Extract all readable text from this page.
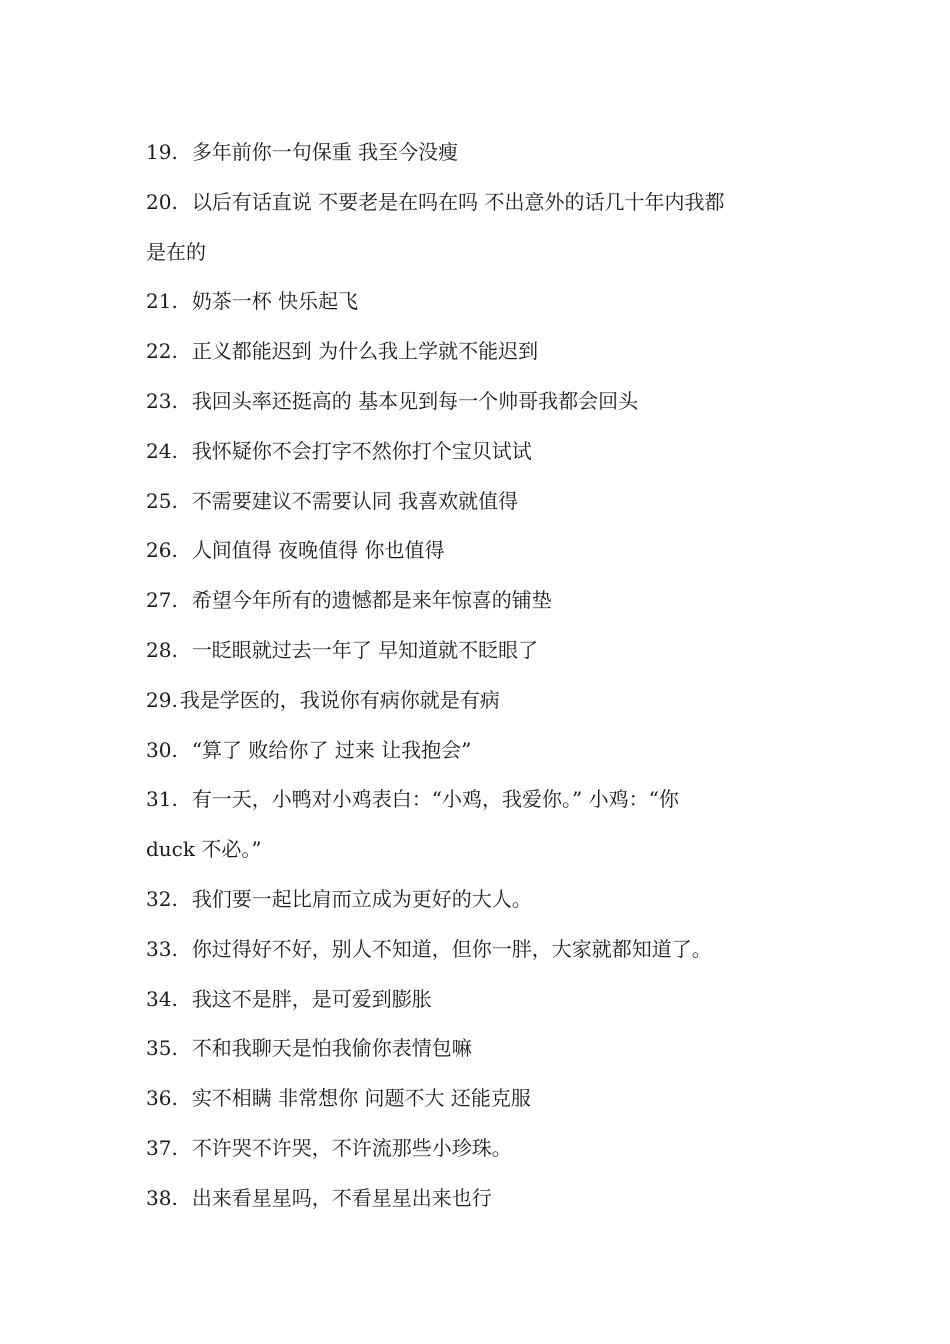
19. 多年前你一句保重 我至今没瘦
20. 以后有话直说 不要老是在吗在吗 不出意外的话几十年内我都
是在的
21. 奶茶一杯 快乐起飞
22. 正义都能迟到 为什么我上学就不能迟到
23. 我回头率还挺高的 基本见到每一个帅哥我都会回头
24. 我怀疑你不会打字不然你打个宝贝试试
25. 不需要建议不需要认同 我喜欢就值得
26. 人间值得 夜晚值得 你也值得
27. 希望今年所有的遗憾都是来年惊喜的铺垫
28. 一眨眼就过去一年了 早知道就不眨眼了
29. 我是学医的，我说你有病你就是有病
30. “算了 败给你了 过来 让我抱会”
31. 有一天，小鸭对小鸡表白：“小鸡，我爱你。” 小鸡：“你
duck 不必。”
32. 我们要一起比肩而立成为更好的大人。
33. 你过得好不好，别人不知道，但你一胖，大家就都知道了。
34. 我这不是胖，是可爱到膨胀
35. 不和我聊天是怕我偷你表情包嘛
36. 实不相瞒 非常想你 问题不大 还能克服
37. 不许哭不许哭，不许流那些小珍珠。
38. 出来看星星吗，不看星星出来也行
